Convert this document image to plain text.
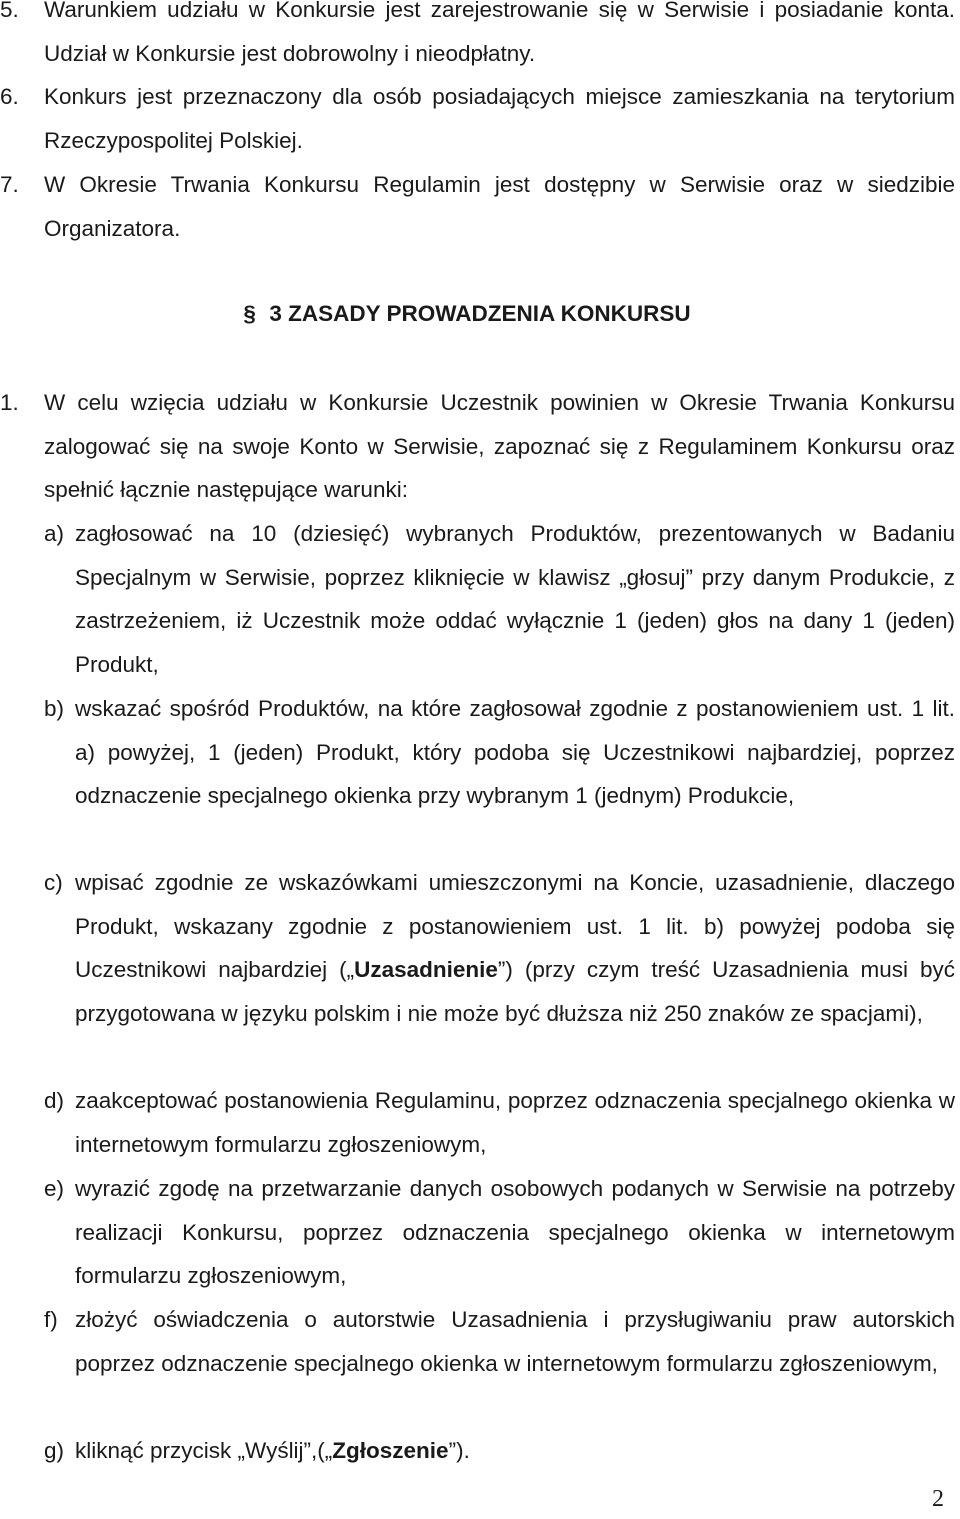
5. Warunkiem udziału w Konkursie jest zarejestrowanie się w Serwisie i posiadanie konta. Udział w Konkursie jest dobrowolny i nieodpłatny.
6. Konkurs jest przeznaczony dla osób posiadających miejsce zamieszkania na terytorium Rzeczypospolitej Polskiej.
7. W Okresie Trwania Konkursu Regulamin jest dostępny w Serwisie oraz w siedzibie Organizatora.
§ 3 ZASADY PROWADZENIA KONKURSU
1. W celu wzięcia udziału w Konkursie Uczestnik powinien w Okresie Trwania Konkursu zalogować się na swoje Konto w Serwisie, zapoznać się z Regulaminem Konkursu oraz spełnić łącznie następujące warunki:
a) zagłosować na 10 (dziesięć) wybranych Produktów, prezentowanych w Badaniu Specjalnym w Serwisie, poprzez kliknięcie w klawisz „głosuj” przy danym Produkcie, z zastrzeżeniem, iż Uczestnik może oddać wyłącznie 1 (jeden) głos na dany 1 (jeden) Produkt,
b) wskazać spośród Produktów, na które zagłosował zgodnie z postanowieniem ust. 1 lit. a) powyżej, 1 (jeden) Produkt, który podoba się Uczestnikowi najbardziej, poprzez odznaczenie specjalnego okienka przy wybranym 1 (jednym) Produkcie,
c) wpisać zgodnie ze wskazówkami umieszczonymi na Koncie, uzasadnienie, dlaczego Produkt, wskazany zgodnie z postanowieniem ust. 1 lit. b) powyżej podoba się Uczestnikowi najbardziej („Uzasadnienie”) (przy czym treść Uzasadnienia musi być przygotowana w języku polskim i nie może być dłuższa niż 250 znaków ze spacjami),
d) zaakceptować postanowienia Regulaminu, poprzez odznaczenia specjalnego okienka w internetowym formularzu zgłoszeniowym,
e) wyrazić zgodę na przetwarzanie danych osobowych podanych w Serwisie na potrzeby realizacji Konkursu, poprzez odznaczenia specjalnego okienka w internetowym formularzu zgłoszeniowym,
f) złożyć oświadczenia o autorstwie Uzasadnienia i przysługiwaniu praw autorskich poprzez odznaczenie specjalnego okienka w internetowym formularzu zgłoszeniowym,
g) kliknąć przycisk „Wyślij”,(„Zgłoszenie”).
2
